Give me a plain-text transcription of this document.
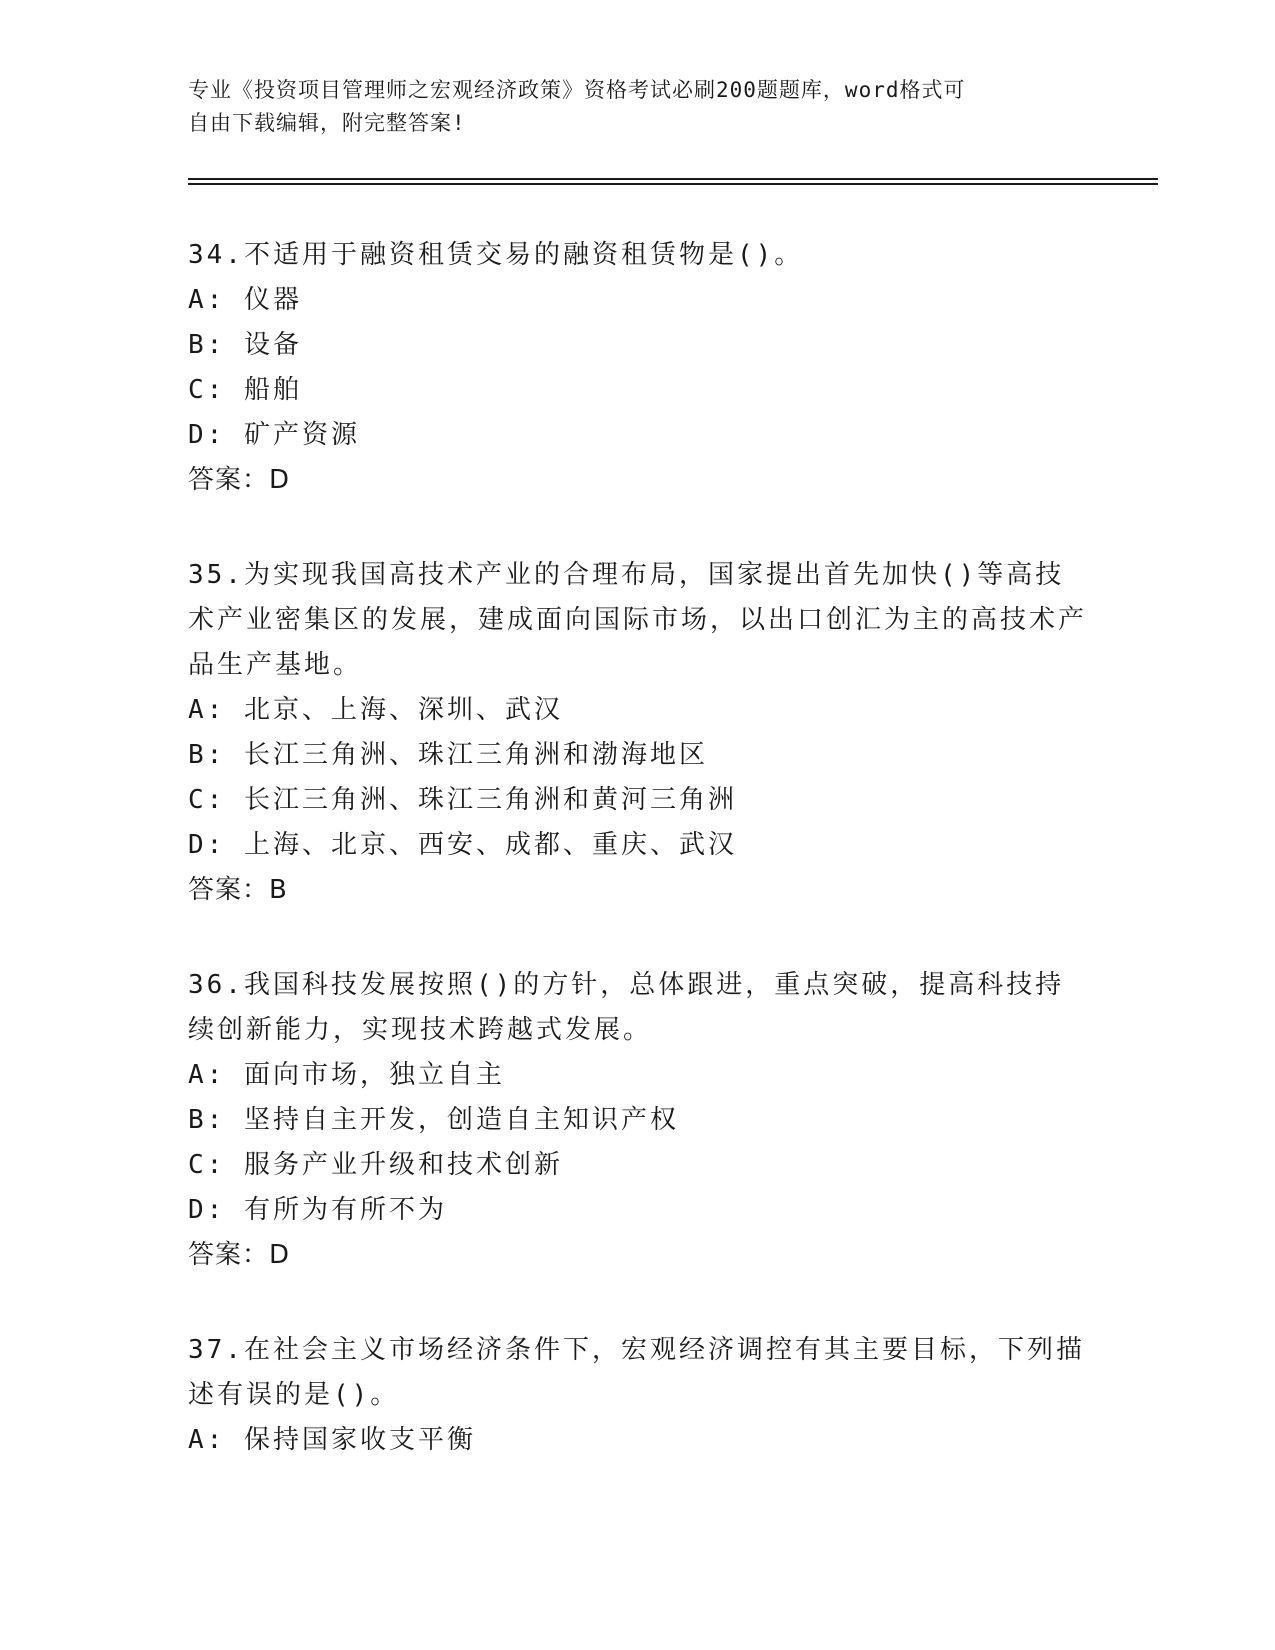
专业《投资项目管理师之宏观经济政策》资格考试必刷200题题库，word格式可
自由下载编辑，附完整答案!

34.不适用于融资租赁交易的融资租赁物是()。

A: 仪器

B: 设备

C: 船舶

D: 矿产资源

答案：D

35.为实现我国高技术产业的合理布局，国家提出首先加快()等高技术产业密集区的发展，建成面向国际市场，以出口创汇为主的高技术产品生产基地。

A: 北京、上海、深圳、武汉

B: 长江三角洲、珠江三角洲和渤海地区

C: 长江三角洲、珠江三角洲和黄河三角洲

D: 上海、北京、西安、成都、重庆、武汉

答案：B

36.我国科技发展按照()的方针，总体跟进，重点突破，提高科技持续创新能力，实现技术跨越式发展。

A: 面向市场，独立自主

B: 坚持自主开发，创造自主知识产权

C: 服务产业升级和技术创新

D: 有所为有所不为

答案：D

37.在社会主义市场经济条件下，宏观经济调控有其主要目标，下列描述有误的是()。

A: 保持国家收支平衡
